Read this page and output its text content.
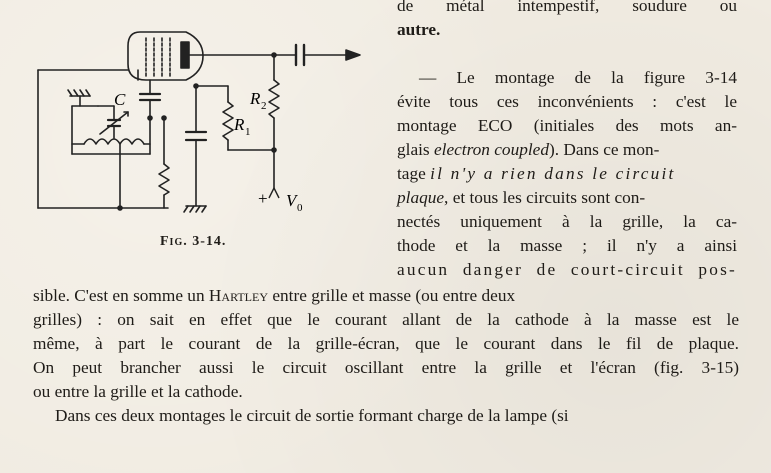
C	R 2
R 1
+ V 0
Fig. 3-14.
de métal intempestif, soudure ou
autre.
— Le montage de la figure 3-14
évite tous ces inconvénients : c'est le
montage ECO (initiales des mots an-
glais electron coupled). Dans ce mon-
tage il n'y a rien dans le circuit
plaque, et tous les circuits sont con-
nectés uniquement à la grille, la ca-
thode et la masse ; il n'y a ainsi
aucun danger de court-circuit pos-
sible. C'est en somme un Hartley entre grille et masse (ou entre deux
grilles) : on sait en effet que le courant allant de la cathode à la masse est le
même, à part le courant de la grille-écran, que le courant dans le fil de plaque.
On peut brancher aussi le circuit oscillant entre la grille et l'écran (fig. 3-15)
ou entre la grille et la cathode.
Dans ces deux montages le circuit de sortie formant charge de la lampe (si
